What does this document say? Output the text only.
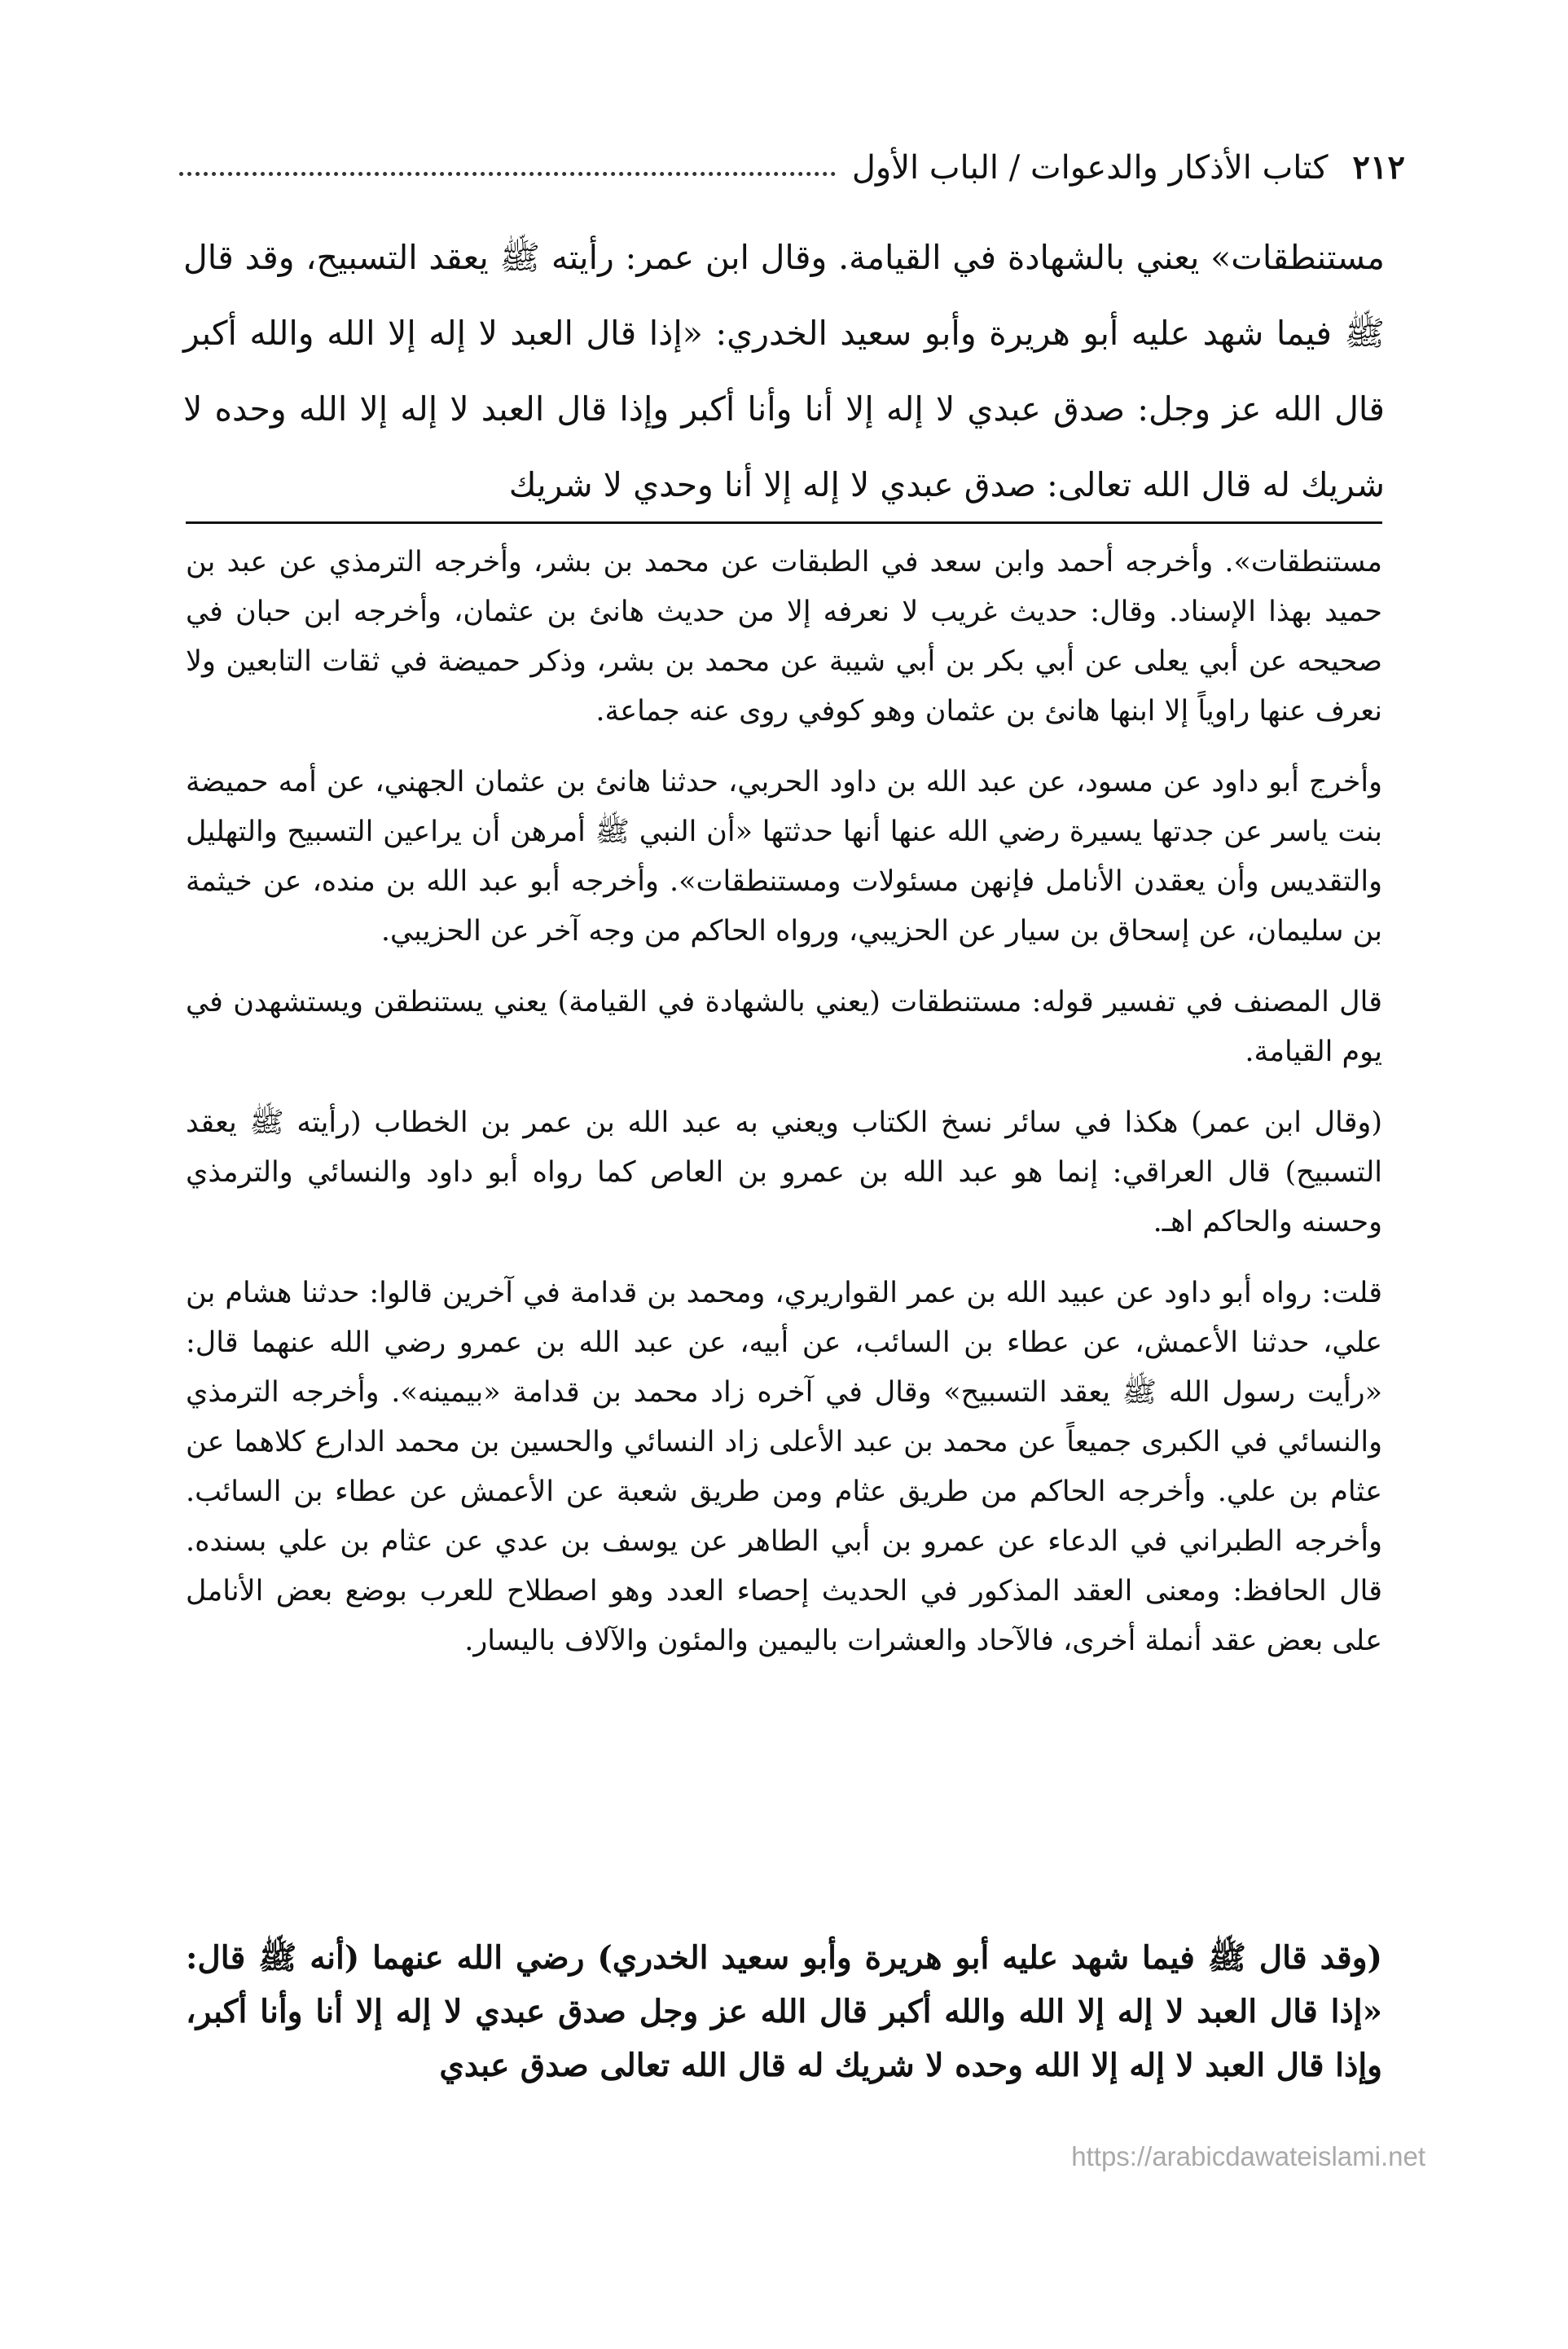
٢١٢
كتاب الأذكار والدعوات / الباب الأول

مستنطقات» يعني بالشهادة في القيامة. وقال ابن عمر: رأيته ﷺ يعقد التسبيح، وقد قال ﷺ فيما شهد عليه أبو هريرة وأبو سعيد الخدري: «إذا قال العبد لا إله إلا الله والله أكبر قال الله عز وجل: صدق عبدي لا إله إلا أنا وأنا أكبر وإذا قال العبد لا إله إلا الله وحده لا شريك له قال الله تعالى: صدق عبدي لا إله إلا أنا وحدي لا شريك

مستنطقات». وأخرجه أحمد وابن سعد في الطبقات عن محمد بن بشر، وأخرجه الترمذي عن عبد بن حميد بهذا الإسناد. وقال: حديث غريب لا نعرفه إلا من حديث هانئ بن عثمان، وأخرجه ابن حبان في صحيحه عن أبي يعلى عن أبي بكر بن أبي شيبة عن محمد بن بشر، وذكر حميضة في ثقات التابعين ولا نعرف عنها راوياً إلا ابنها هانئ بن عثمان وهو كوفي روى عنه جماعة.

وأخرج أبو داود عن مسود، عن عبد الله بن داود الحربي، حدثنا هانئ بن عثمان الجهني، عن أمه حميضة بنت ياسر عن جدتها يسيرة رضي الله عنها أنها حدثتها «أن النبي ﷺ أمرهن أن يراعين التسبيح والتهليل والتقديس وأن يعقدن الأنامل فإنهن مسئولات ومستنطقات». وأخرجه أبو عبد الله بن منده، عن خيثمة بن سليمان، عن إسحاق بن سيار عن الحزيبي، ورواه الحاكم من وجه آخر عن الحزيبي.

قال المصنف في تفسير قوله: مستنطقات (يعني بالشهادة في القيامة) يعني يستنطقن ويستشهدن في يوم القيامة.

(وقال ابن عمر) هكذا في سائر نسخ الكتاب ويعني به عبد الله بن عمر بن الخطاب (رأيته ﷺ يعقد التسبيح) قال العراقي: إنما هو عبد الله بن عمرو بن العاص كما رواه أبو داود والنسائي والترمذي وحسنه والحاكم اهـ.

قلت: رواه أبو داود عن عبيد الله بن عمر القواريري، ومحمد بن قدامة في آخرين قالوا: حدثنا هشام بن علي، حدثنا الأعمش، عن عطاء بن السائب، عن أبيه، عن عبد الله بن عمرو رضي الله عنهما قال: «رأيت رسول الله ﷺ يعقد التسبيح» وقال في آخره زاد محمد بن قدامة «بيمينه». وأخرجه الترمذي والنسائي في الكبرى جميعاً عن محمد بن عبد الأعلى زاد النسائي والحسين بن محمد الدارع كلاهما عن عثام بن علي. وأخرجه الحاكم من طريق عثام ومن طريق شعبة عن الأعمش عن عطاء بن السائب. وأخرجه الطبراني في الدعاء عن عمرو بن أبي الطاهر عن يوسف بن عدي عن عثام بن علي بسنده. قال الحافظ: ومعنى العقد المذكور في الحديث إحصاء العدد وهو اصطلاح للعرب بوضع بعض الأنامل على بعض عقد أنملة أخرى، فالآحاد والعشرات باليمين والمئون والآلاف باليسار.

(وقد قال ﷺ فيما شهد عليه أبو هريرة وأبو سعيد الخدري) رضي الله عنهما (أنه ﷺ قال: «إذا قال العبد لا إله إلا الله والله أكبر قال الله عز وجل صدق عبدي لا إله إلا أنا وأنا أكبر، وإذا قال العبد لا إله إلا الله وحده لا شريك له قال الله تعالى صدق عبدي

https://arabicdawateislami.net
